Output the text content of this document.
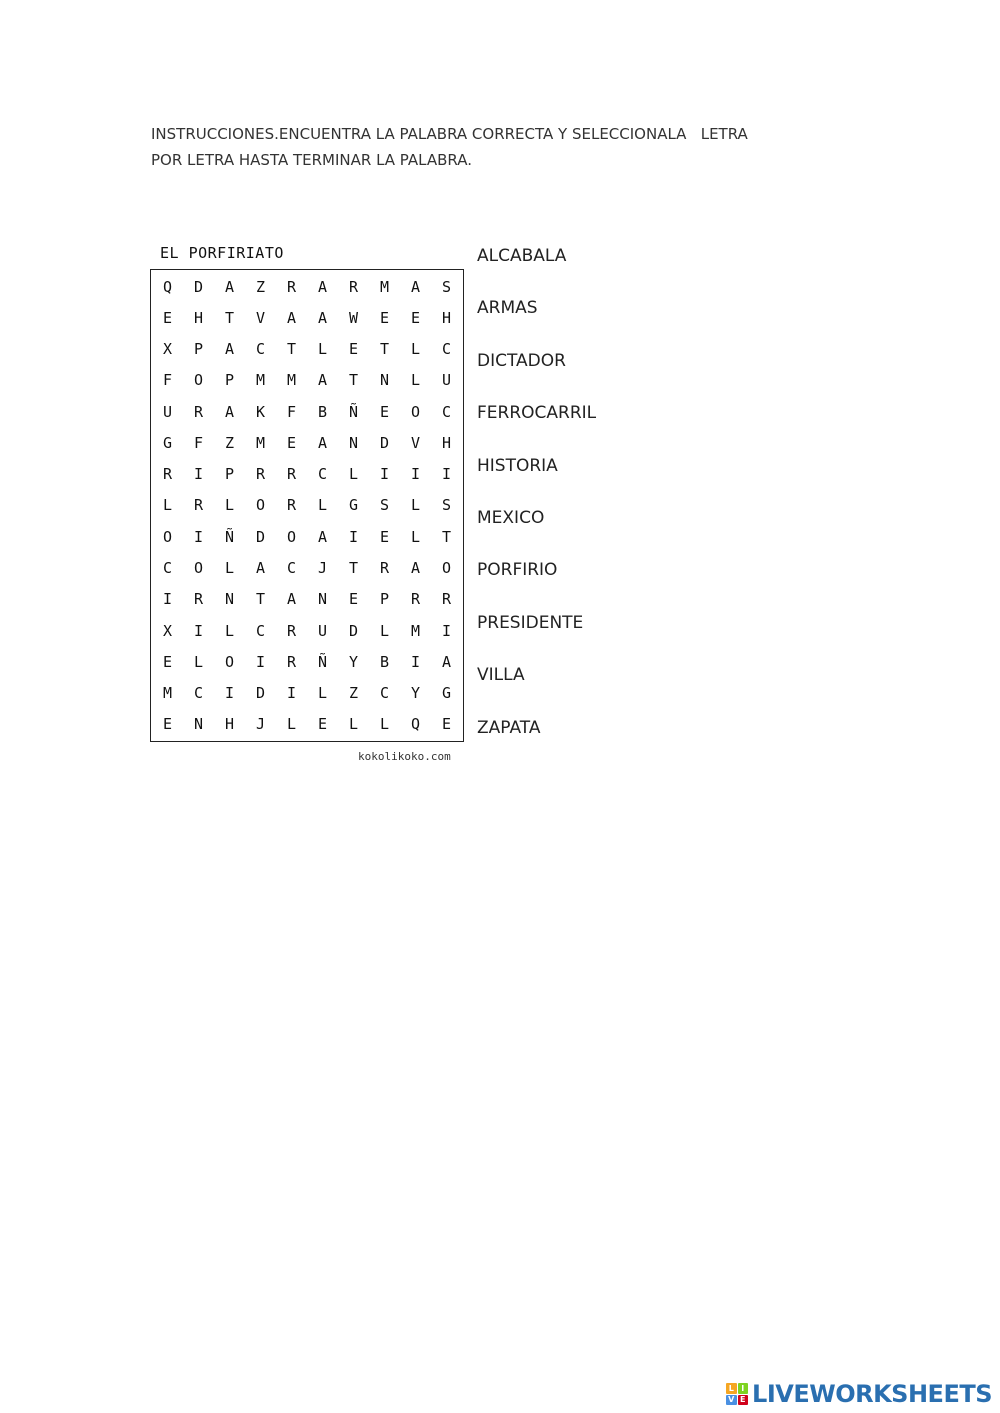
INSTRUCCIONES.ENCUENTRA LA PALABRA CORRECTA Y SELECCIONALA   LETRA
POR LETRA HASTA TERMINAR LA PALABRA.

EL PORFIRIATO
Q	D	A	Z	R	A	R	M	A	S
E	H	T	V	A	A	W	E	E	H
X	P	A	C	T	L	E	T	L	C
F	O	P	M	M	A	T	N	L	U
U	R	A	K	F	B	Ñ	E	O	C
G	F	Z	M	E	A	N	D	V	H
R	I	P	R	R	C	L	I	I	I
L	R	L	O	R	L	G	S	L	S
O	I	Ñ	D	O	A	I	E	L	T
C	O	L	A	C	J	T	R	A	O
I	R	N	T	A	N	E	P	R	R
X	I	L	C	R	U	D	L	M	I
E	L	O	I	R	Ñ	Y	B	I	A
M	C	I	D	I	L	Z	C	Y	G
E	N	H	J	L	E	L	L	Q	E
kokolikoko.com
ALCABALA
ARMAS
DICTADOR
FERROCARRIL
HISTORIA
MEXICO
PORFIRIO
PRESIDENTE
VILLA
ZAPATA
L I
V E LIVEWORKSHEETS
